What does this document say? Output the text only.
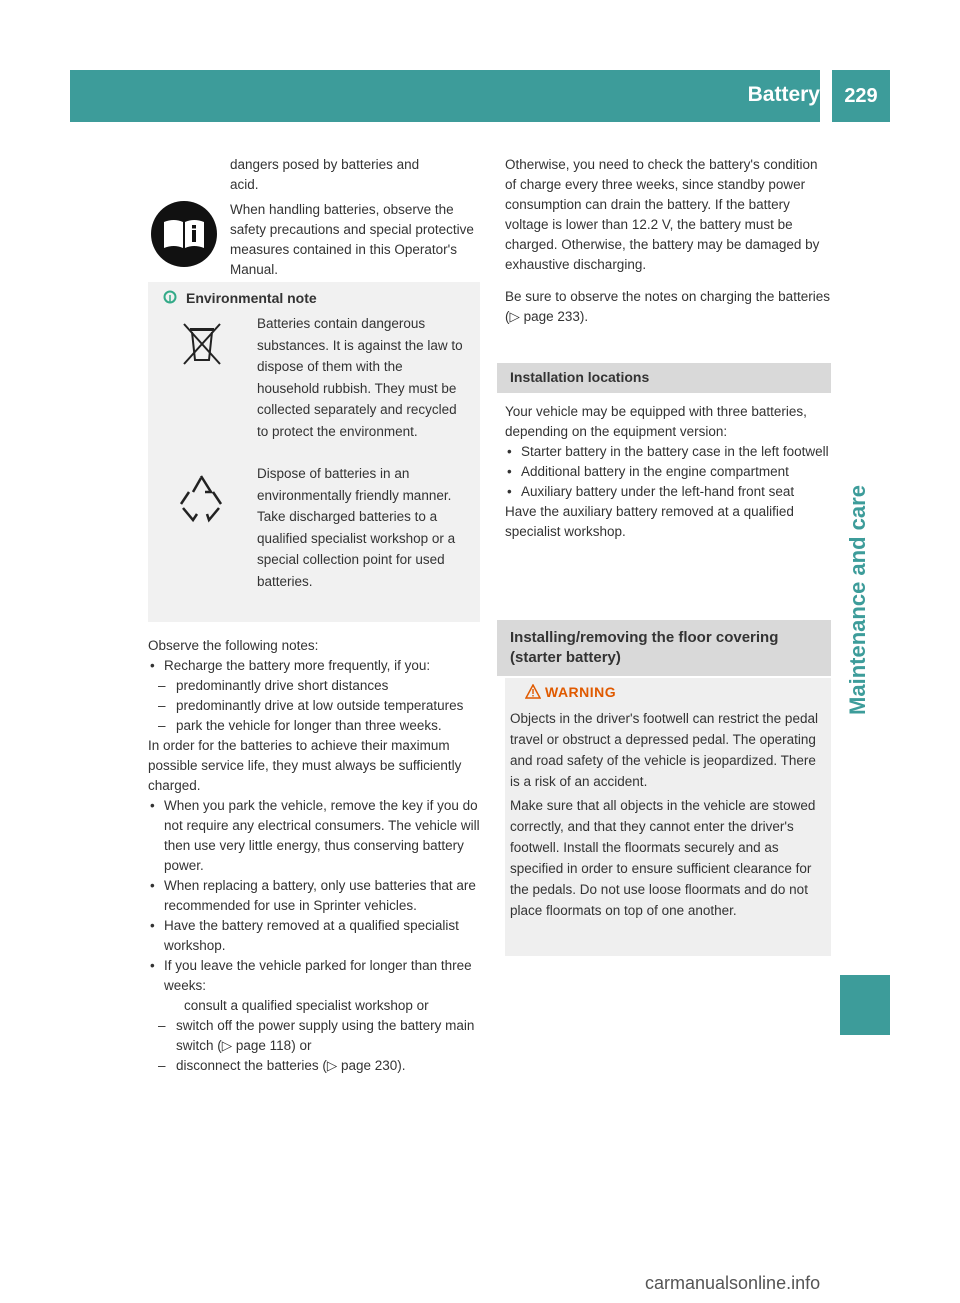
Battery	229
Maintenance and care
dangers posed by batteries and
acid.
When handling batteries, observe the safety precautions and special protective measures contained in this Operator's Manual.
Environmental note
Batteries contain dangerous substances. It is against the law to dispose of them with the household rubbish. They must be collected separately and recycled to protect the environment.
Dispose of batteries in an environmentally friendly manner. Take discharged batteries to a qualified specialist workshop or a special collection point for used batteries.
Observe the following notes:
• Recharge the battery more frequently, if you:
– predominantly drive short distances
– predominantly drive at low outside temperatures
– park the vehicle for longer than three weeks.
In order for the batteries to achieve their maximum possible service life, they must always be sufficiently charged.
• When you park the vehicle, remove the key if you do not require any electrical consumers. The vehicle will then use very little energy, thus conserving battery power.
• When replacing a battery, only use batteries that are recommended for use in Sprinter vehicles.
• Have the battery removed at a qualified specialist workshop.
• If you leave the vehicle parked for longer than three weeks:
consult a qualified specialist workshop or
– switch off the power supply using the battery main switch (▷ page 118) or
– disconnect the batteries (▷ page 230).
Otherwise, you need to check the battery's condition of charge every three weeks, since standby power consumption can drain the battery. If the battery voltage is lower than 12.2 V, the battery must be charged. Otherwise, the battery may be damaged by exhaustive discharging.
Be sure to observe the notes on charging the batteries (▷ page 233).
Installation locations
Your vehicle may be equipped with three batteries, depending on the equipment version:
• Starter battery in the battery case in the left footwell
• Additional battery in the engine compartment
• Auxiliary battery under the left-hand front seat
Have the auxiliary battery removed at a qualified specialist workshop.
Installing/removing the floor covering (starter battery)
WARNING
Objects in the driver's footwell can restrict the pedal travel or obstruct a depressed pedal. The operating and road safety of the vehicle is jeopardized. There is a risk of an accident.
Make sure that all objects in the vehicle are stowed correctly, and that they cannot enter the driver's footwell. Install the floormats securely and as specified in order to ensure sufficient clearance for the pedals. Do not use loose floormats and do not place floormats on top of one another.
carmanualsonline.info
